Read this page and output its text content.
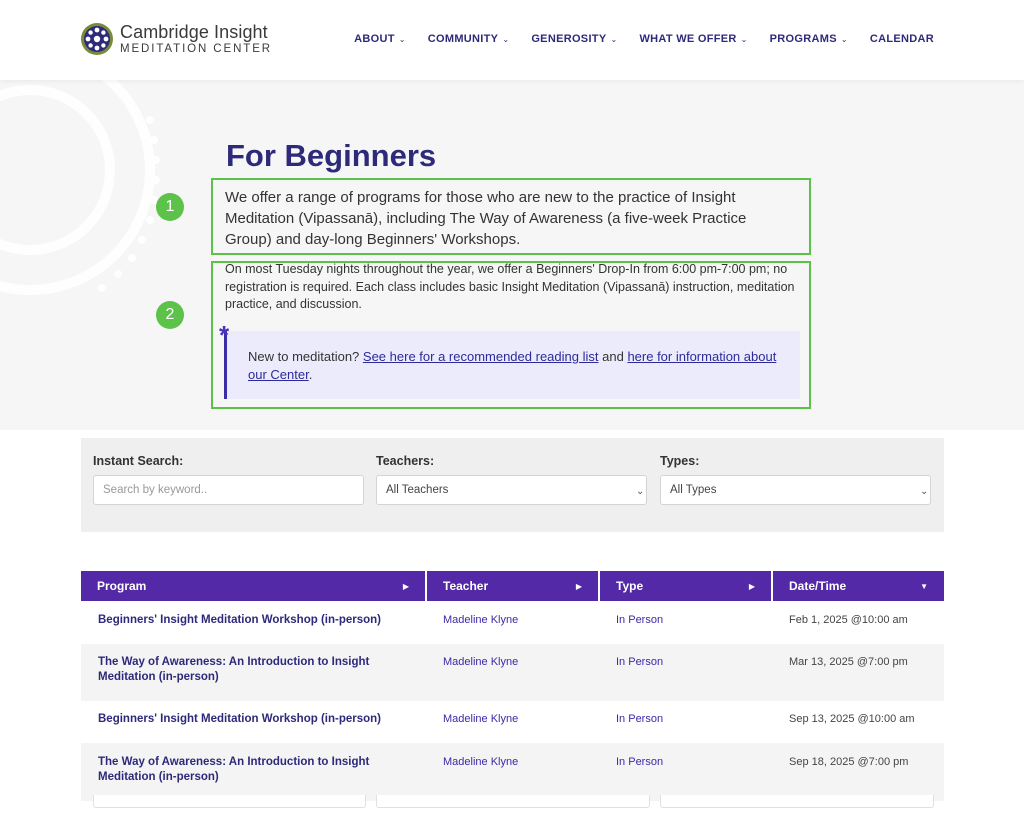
Cambridge Insight
MEDITATION CENTER
ABOUT ⌄ COMMUNITY ⌄ GENEROSITY ⌄ WHAT WE OFFER ⌄ PROGRAMS ⌄ CALENDAR
For Beginners
1

We offer a range of programs for those who are new to the practice of Insight Meditation (Vipassanā), including The Way of Awareness (a five-week Practice Group) and day-long Beginners' Workshops.

2

On most Tuesday nights throughout the year, we offer a Beginners' Drop-In from 6:00 pm-7:00 pm; no registration is required. Each class includes basic Insight Meditation (Vipassanā) instruction, meditation practice, and discussion.

*

New to meditation? See here for a recommended reading list and here for information about our Center.

Instant Search:
Search by keyword..	Teachers:
All Teachers	⌄
Types:
All Types	⌄
Program	▶	Teacher	▶	Type	▶	Date/Time	▼
Beginners' Insight Meditation Workshop (in-person)	Madeline Klyne	In Person	Feb 1, 2025 @10:00 am
The Way of Awareness: An Introduction to Insight Meditation (in-person)
Madeline Klyne	In Person	Mar 13, 2025 @7:00 pm
Beginners' Insight Meditation Workshop (in-person)	Madeline Klyne	In Person	Sep 13, 2025 @10:00 am
The Way of Awareness: An Introduction to Insight Meditation (in-person)
Madeline Klyne	In Person	Sep 18, 2025 @7:00 pm
